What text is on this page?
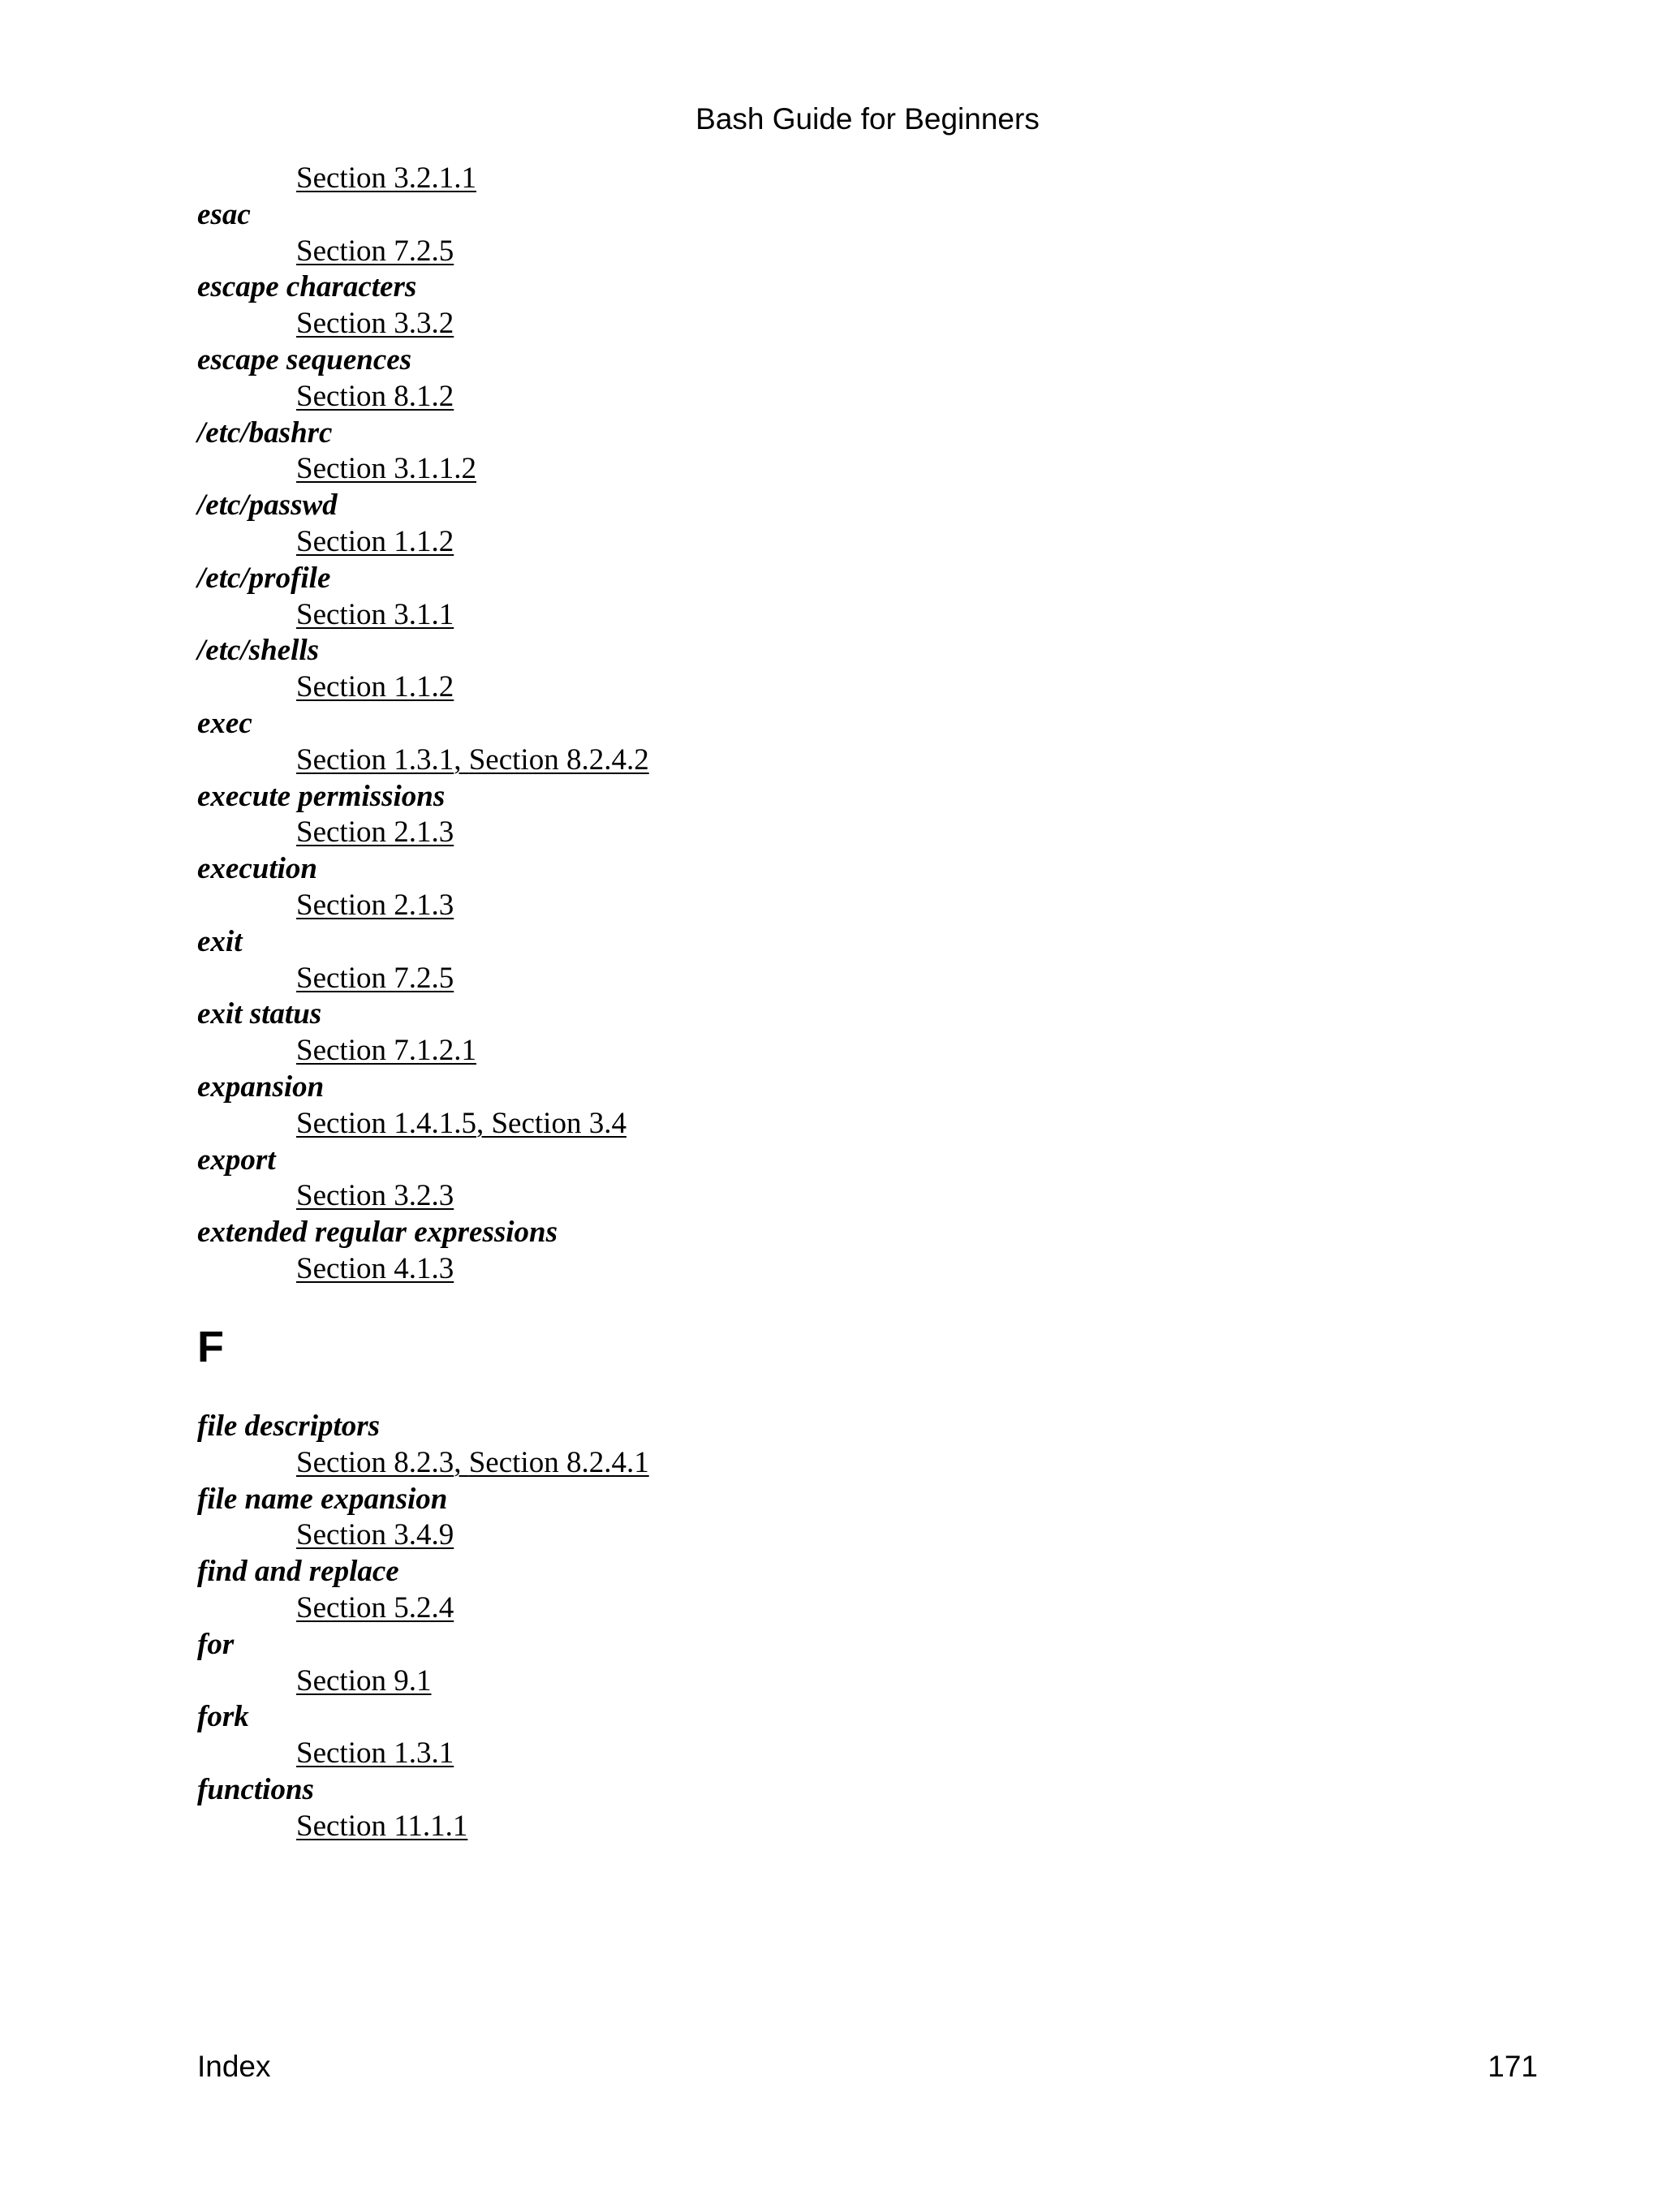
Bash Guide for Beginners
Section 3.2.1.1
esac
Section 7.2.5
escape characters
Section 3.3.2
escape sequences
Section 8.1.2
/etc/bashrc
Section 3.1.1.2
/etc/passwd
Section 1.1.2
/etc/profile
Section 3.1.1
/etc/shells
Section 1.1.2
exec
Section 1.3.1, Section 8.2.4.2
execute permissions
Section 2.1.3
execution
Section 2.1.3
exit
Section 7.2.5
exit status
Section 7.1.2.1
expansion
Section 1.4.1.5, Section 3.4
export
Section 3.2.3
extended regular expressions
Section 4.1.3
F
file descriptors
Section 8.2.3, Section 8.2.4.1
file name expansion
Section 3.4.9
find and replace
Section 5.2.4
for
Section 9.1
fork
Section 1.3.1
functions
Section 11.1.1
Index	171
